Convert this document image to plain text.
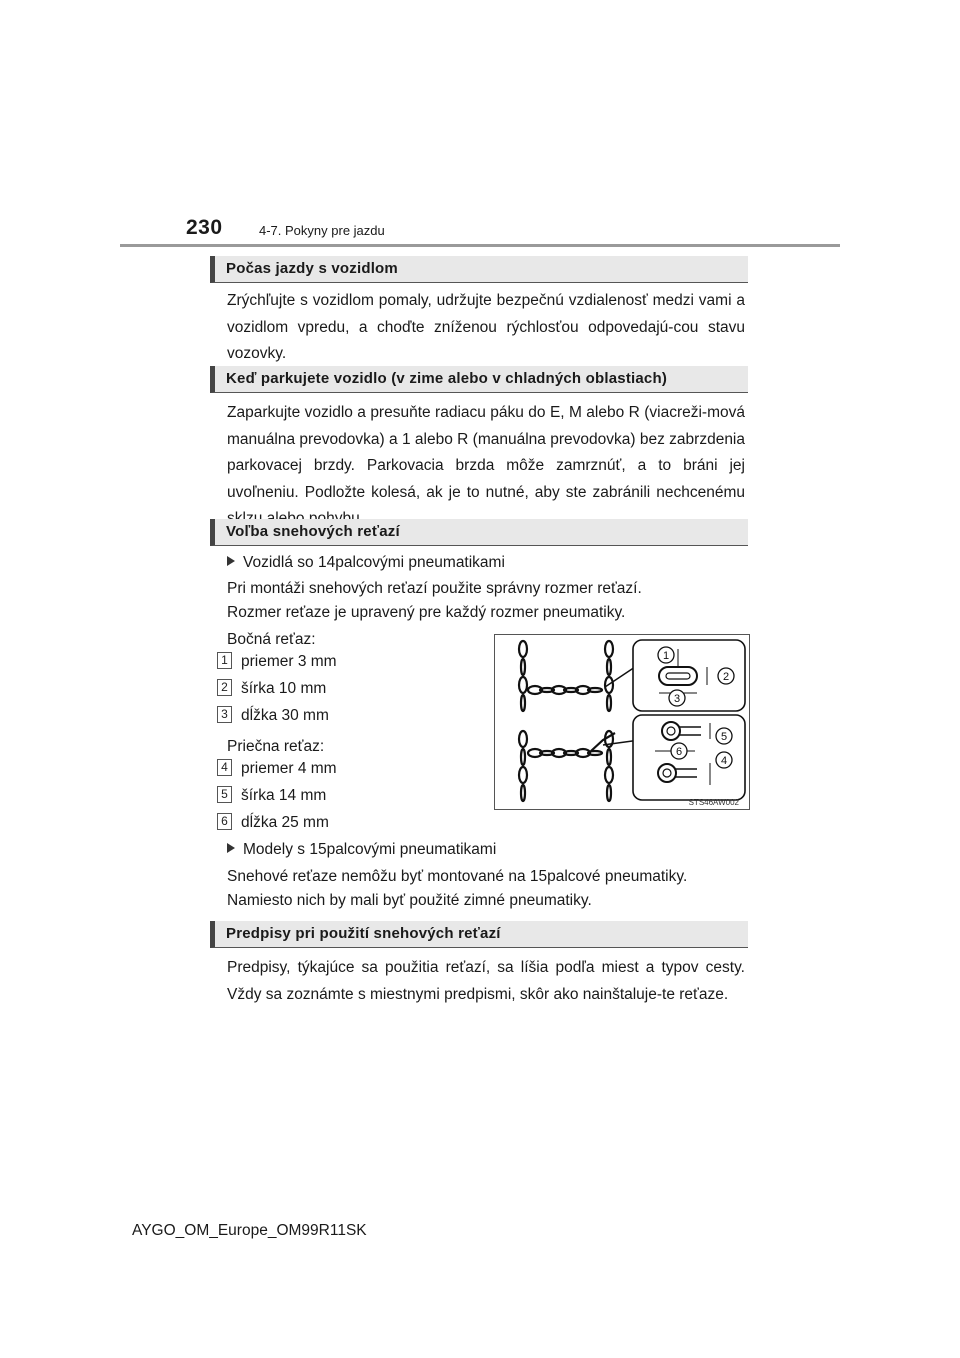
230	4-7. Pokyny pre jazdu
Počas jazdy s vozidlom

Zrýchľujte s vozidlom pomaly, udržujte bezpečnú vzdialenosť medzi vami a vozidlom vpredu, a choďte zníženou rýchlosťou odpovedajú-cou stavu vozovky.

Keď parkujete vozidlo (v zime alebo v chladných oblastiach)

Zaparkujte vozidlo a presuňte radiacu páku do E, M alebo R (viacreži-mová manuálna prevodovka) a 1 alebo R (manuálna prevodovka) bez zabrzdenia parkovacej brzdy. Parkovacia brzda môže zamrznúť, a to bráni jej uvoľneniu. Podložte kolesá, ak je to nutné, aby ste zabránili nechcenému

Voľba snehových reťazí
Vozidlá so 14palcovými pneumatikami
Pri montáži snehových reťazí použite správny rozmer reťazí.
Rozmer reťaze je upravený pre každý rozmer pneumatiky.
Bočná reťaz:
1 priemer 3 mm
2 šírka 10 mm
3 dĺžka 30 mm
Priečna reťaz:
4 priemer 4 mm
5 šírka 14 mm
6 dĺžka 25 mm
1
2
3
4
5
6
STS46AW002
Modely s 15palcovými pneumatikami
Snehové reťaze nemôžu byť montované na 15palcové pneumatiky.
Namiesto nich by mali byť použité zimné pneumatiky.
Predpisy pri použití snehových reťazí

Predpisy, týkajúce sa použitia reťazí, sa líšia podľa miest a typov cesty. Vždy sa zoznámte s miestnymi predpismi, skôr ako nainštaluje-te reťaze.

AYGO_OM_Europe_OM99R11SK
